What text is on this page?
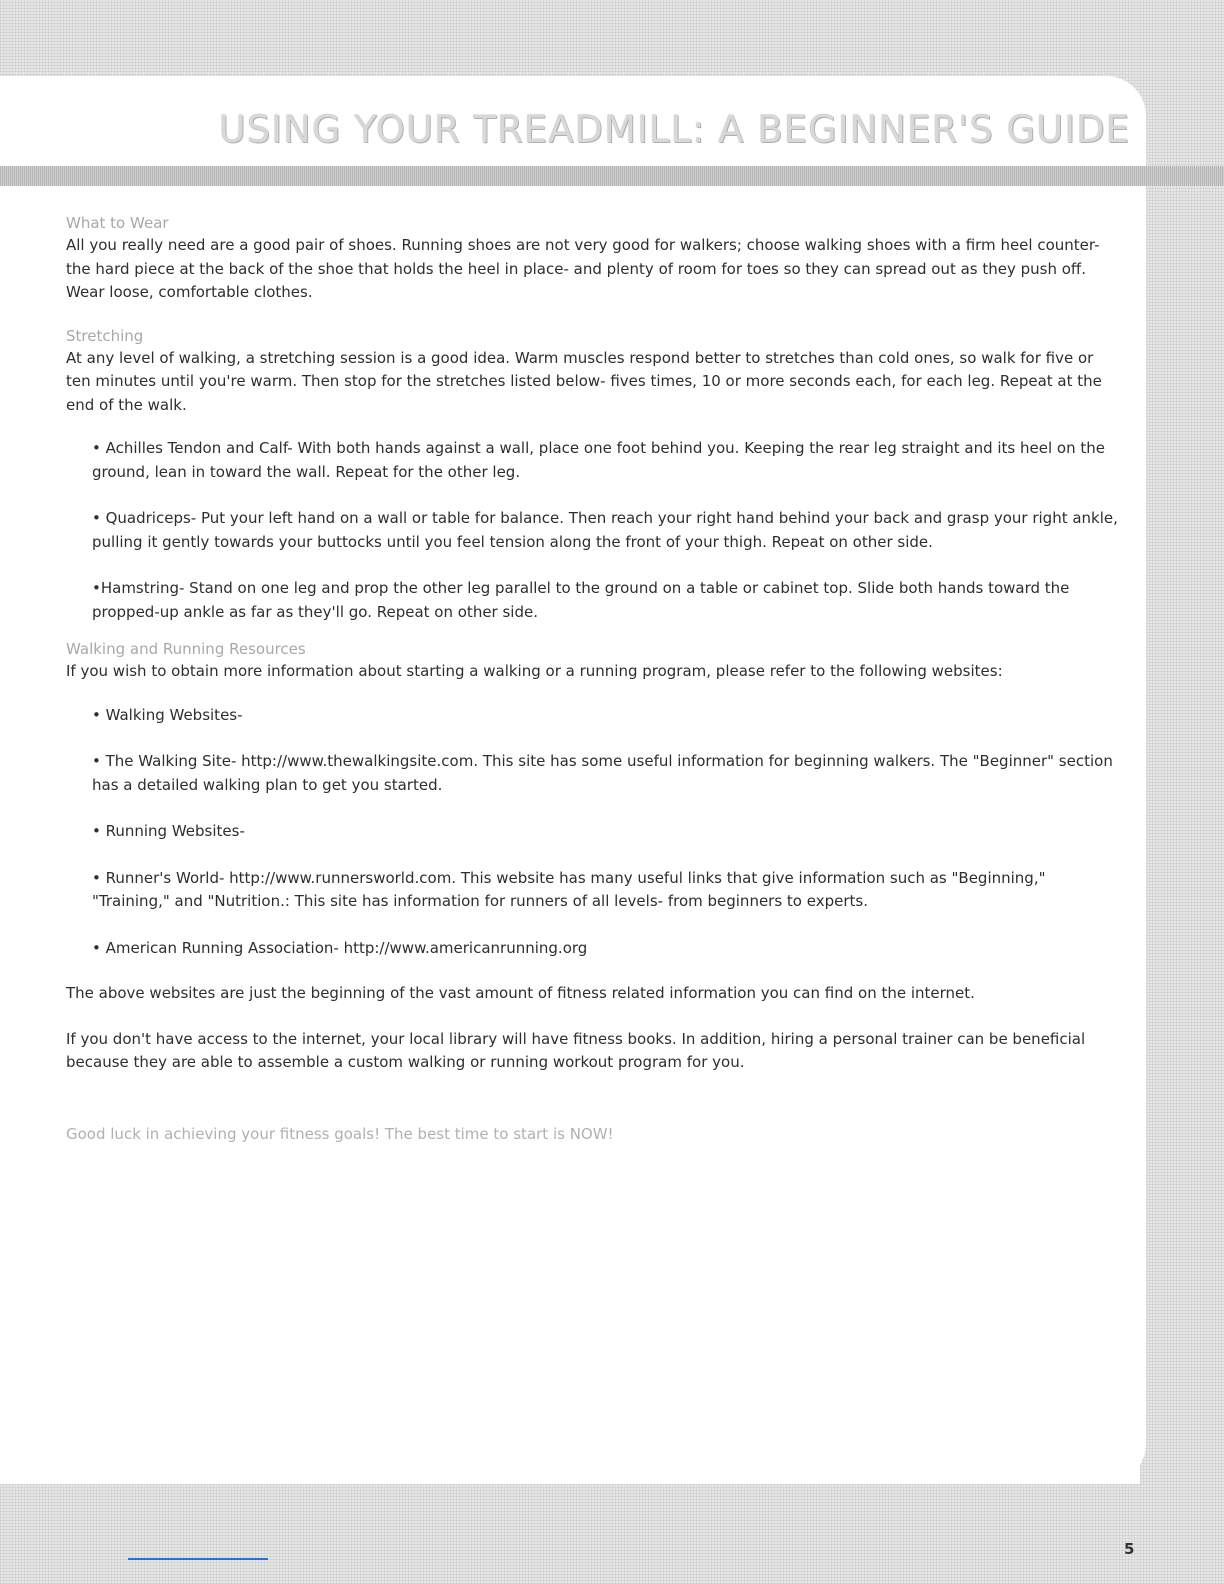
USING YOUR TREADMILL: A BEGINNER'S GUIDE
What to Wear

All you really need are a good pair of shoes. Running shoes are not very good for walkers; choose walking shoes with a firm heel counter- the hard piece at the back of the shoe that holds the heel in place- and plenty of room for toes so they can spread out as they push off. Wear loose, comfortable clothes.

Stretching

At any level of walking, a stretching session is a good idea. Warm muscles respond better to stretches than cold ones, so walk for five or ten minutes until you're warm. Then stop for the stretches listed below- fives times, 10 or more seconds each, for each leg. Repeat at the end of the walk.

• Achilles Tendon and Calf- With both hands against a wall, place one foot behind you. Keeping the rear leg straight and its heel on the ground, lean in toward the wall. Repeat for the other leg.

• Quadriceps- Put your left hand on a wall or table for balance. Then reach your right hand behind your back and grasp your right ankle, pulling it gently towards your buttocks until you feel tension along the front of your thigh. Repeat on other side.

•Hamstring- Stand on one leg and prop the other leg parallel to the ground on a table or cabinet top. Slide both hands toward the propped-up ankle as far as they'll go. Repeat on other side.

Walking and Running Resources

If you wish to obtain more information about starting a walking or a running program, please refer to the following websites:

• Walking Websites-

• The Walking Site- http://www.thewalkingsite.com. This site has some useful information for beginning walkers. The "Beginner" section has a detailed walking plan to get you started.

• Running Websites-

• Runner's World- http://www.runnersworld.com. This website has many useful links that give information such as "Beginning," "Training," and "Nutrition.: This site has information for runners of all levels- from beginners to experts.

• American Running Association- http://www.americanrunning.org

The above websites are just the beginning of the vast amount of fitness related information you can find on the internet.

If you don't have access to the internet, your local library will have fitness books. In addition, hiring a personal trainer can be beneficial because they are able to assemble a custom walking or running workout program for you.

Good luck in achieving your fitness goals! The best time to start is NOW!

5
